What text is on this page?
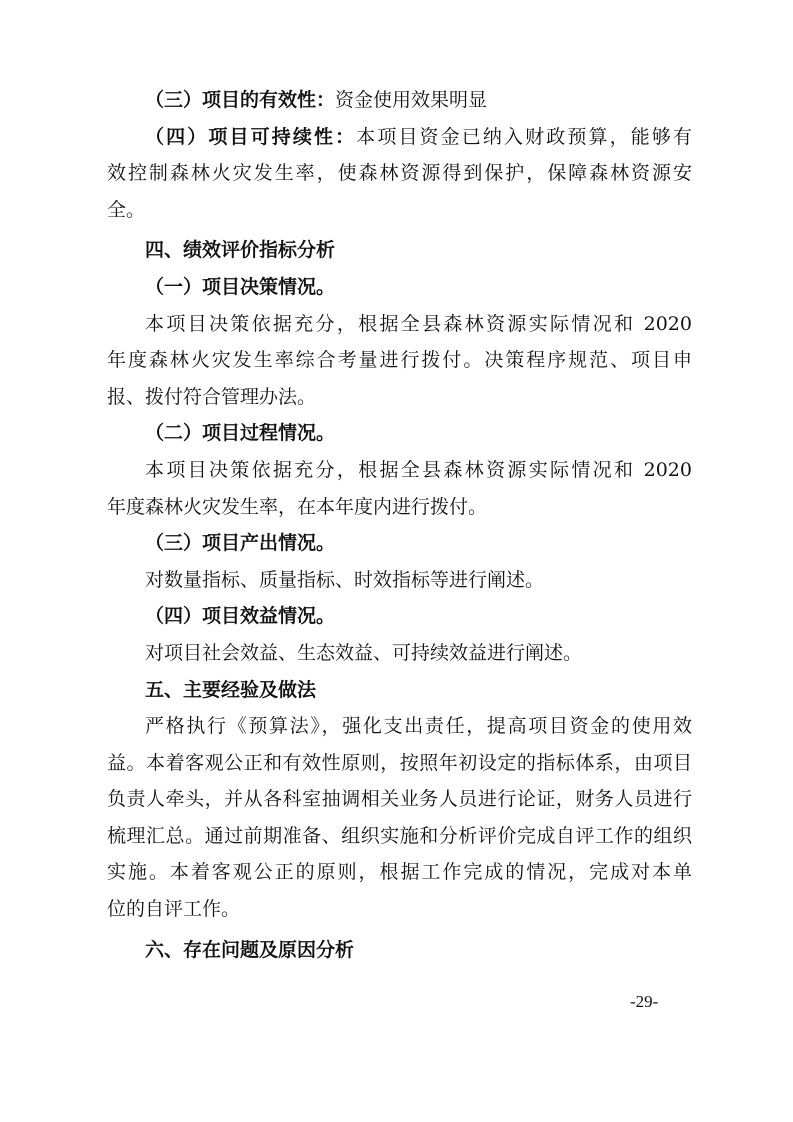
（三）项目的有效性：资金使用效果明显
（四）项目可持续性：本项目资金已纳入财政预算，能够有
效控制森林火灾发生率，使森林资源得到保护，保障森林资源安
全。
四、绩效评价指标分析
（一）项目决策情况。
本项目决策依据充分，根据全县森林资源实际情况和 2020
年度森林火灾发生率综合考量进行拨付。决策程序规范、项目申
报、拨付符合管理办法。
（二）项目过程情况。
本项目决策依据充分，根据全县森林资源实际情况和 2020
年度森林火灾发生率，在本年度内进行拨付。
（三）项目产出情况。
对数量指标、质量指标、时效指标等进行阐述。
（四）项目效益情况。
对项目社会效益、生态效益、可持续效益进行阐述。
五、主要经验及做法
严格执行《预算法》，强化支出责任，提高项目资金的使用效
益。本着客观公正和有效性原则，按照年初设定的指标体系，由项目
负责人牵头，并从各科室抽调相关业务人员进行论证，财务人员进行
梳理汇总。通过前期准备、组织实施和分析评价完成自评工作的组织
实施。本着客观公正的原则，根据工作完成的情况，完成对本单
位的自评工作。
六、存在问题及原因分析
-29-
